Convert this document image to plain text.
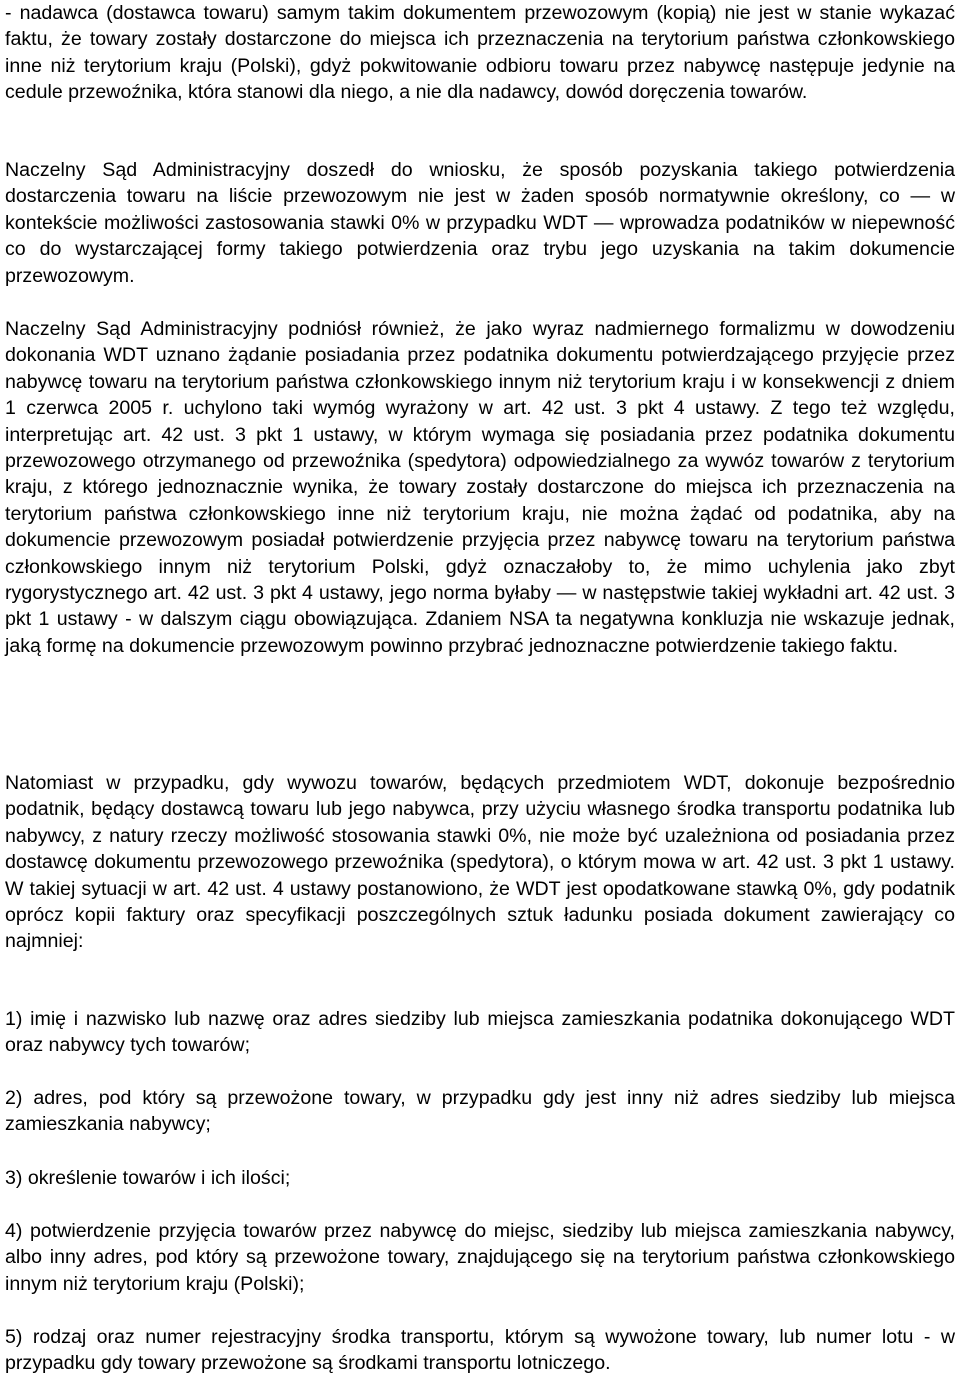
- nadawca (dostawca towaru) samym takim dokumentem przewozowym (kopią) nie jest w stanie wykazać faktu, że towary zostały dostarczone do miejsca ich przeznaczenia na terytorium państwa członkowskiego inne niż terytorium kraju (Polski), gdyż pokwitowanie odbioru towaru przez nabywcę następuje jedynie na cedule przewoźnika, która stanowi dla niego, a nie dla nadawcy, dowód doręczenia towarów.

Naczelny Sąd Administracyjny doszedł do wniosku, że sposób pozyskania takiego potwierdzenia dostarczenia towaru na liście przewozowym nie jest w żaden sposób normatywnie określony, co — w kontekście możliwości zastosowania stawki 0% w przypadku WDT — wprowadza podatników w niepewność co do wystarczającej formy takiego potwierdzenia oraz trybu jego uzyskania na takim dokumencie przewozowym.

Naczelny Sąd Administracyjny podniósł również, że jako wyraz nadmiernego formalizmu w dowodzeniu dokonania WDT uznano żądanie posiadania przez podatnika dokumentu potwierdzającego przyjęcie przez nabywcę towaru na terytorium państwa członkowskiego innym niż terytorium kraju i w konsekwencji z dniem 1 czerwca 2005 r. uchylono taki wymóg wyrażony w art. 42 ust. 3 pkt 4 ustawy. Z tego też względu, interpretując art. 42 ust. 3 pkt 1 ustawy, w którym wymaga się posiadania przez podatnika dokumentu przewozowego otrzymanego od przewoźnika (spedytora) odpowiedzialnego za wywóz towarów z terytorium kraju, z którego jednoznacznie wynika, że towary zostały dostarczone do miejsca ich przeznaczenia na terytorium państwa członkowskiego inne niż terytorium kraju, nie można żądać od podatnika, aby na dokumencie przewozowym posiadał potwierdzenie przyjęcia przez nabywcę towaru na terytorium państwa członkowskiego innym niż terytorium Polski, gdyż oznaczałoby to, że mimo uchylenia jako zbyt rygorystycznego art. 42 ust. 3 pkt 4 ustawy, jego norma byłaby — w następstwie takiej wykładni art. 42 ust. 3 pkt 1 ustawy - w dalszym ciągu obowiązująca. Zdaniem NSA ta negatywna konkluzja nie wskazuje jednak, jaką formę na dokumencie przewozowym powinno przybrać jednoznaczne potwierdzenie takiego faktu.

Natomiast w przypadku, gdy wywozu towarów, będących przedmiotem WDT, dokonuje bezpośrednio podatnik, będący dostawcą towaru lub jego nabywca, przy użyciu własnego środka transportu podatnika lub nabywcy, z natury rzeczy możliwość stosowania stawki 0%, nie może być uzależniona od posiadania przez dostawcę dokumentu przewozowego przewoźnika (spedytora), o którym mowa w art. 42 ust. 3 pkt 1 ustawy. W takiej sytuacji w art. 42 ust. 4 ustawy postanowiono, że WDT jest opodatkowane stawką 0%, gdy podatnik oprócz kopii faktury oraz specyfikacji poszczególnych sztuk ładunku posiada dokument zawierający co najmniej:

1) imię i nazwisko lub nazwę oraz adres siedziby lub miejsca zamieszkania podatnika dokonującego WDT oraz nabywcy tych towarów;

2) adres, pod który są przewożone towary, w przypadku gdy jest inny niż adres siedziby lub miejsca zamieszkania nabywcy;

3) określenie towarów i ich ilości;

4) potwierdzenie przyjęcia towarów przez nabywcę do miejsc, siedziby lub miejsca zamieszkania nabywcy, albo inny adres, pod który są przewożone towary, znajdującego się na terytorium państwa członkowskiego innym niż terytorium kraju (Polski);

5) rodzaj oraz numer rejestracyjny środka transportu, którym są wywożone towary, lub numer lotu - w przypadku gdy towary przewożone są środkami transportu lotniczego.
